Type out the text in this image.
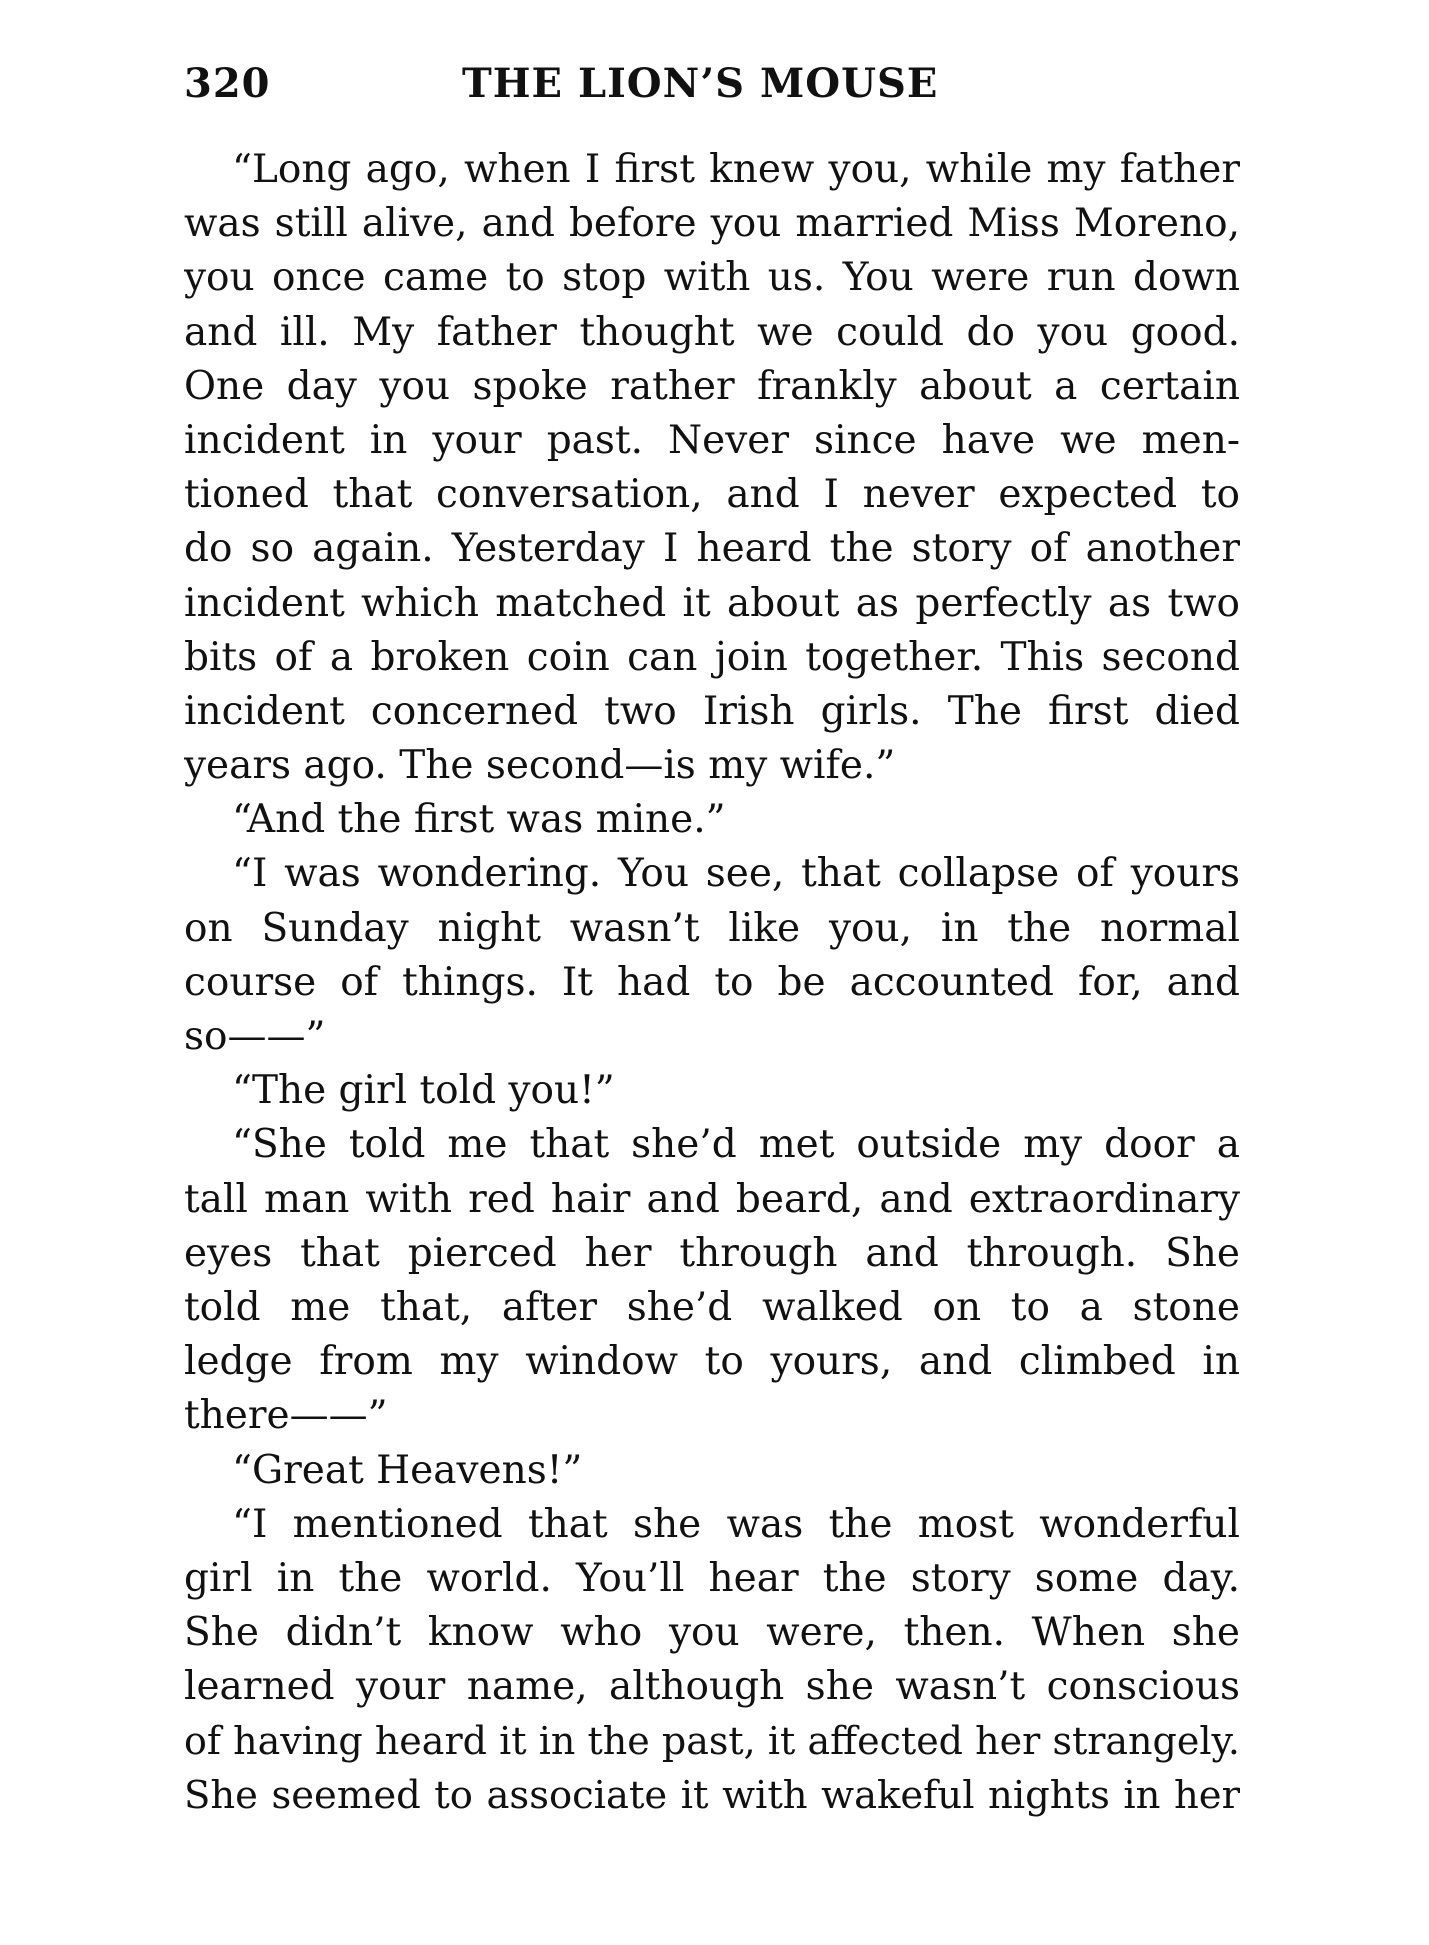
320	THE LION’S MOUSE
“Long ago, when I first knew you, while my father
was still alive, and before you married Miss Moreno,
you once came to stop with us. You were run down
and ill. My father thought we could do you good.
One day you spoke rather frankly about a certain
incident in your past. Never since have we men-
tioned that conversation, and I never expected to
do so again. Yesterday I heard the story of another
incident which matched it about as perfectly as two
bits of a broken coin can join together. This second
incident concerned two Irish girls. The first died
years ago. The second—is my wife.”
“And the first was mine.”
“I was wondering. You see, that collapse of yours
on Sunday night wasn’t like you, in the normal
course of things. It had to be accounted for, and
so——”
“The girl told you!”
“She told me that she’d met outside my door a
tall man with red hair and beard, and extraordinary
eyes that pierced her through and through. She
told me that, after she’d walked on to a stone
ledge from my window to yours, and climbed in
there——”
“Great Heavens!”
“I mentioned that she was the most wonderful
girl in the world. You’ll hear the story some day.
She didn’t know who you were, then. When she
learned your name, although she wasn’t conscious
of having heard it in the past, it affected her strangely.
She seemed to associate it with wakeful nights in her
